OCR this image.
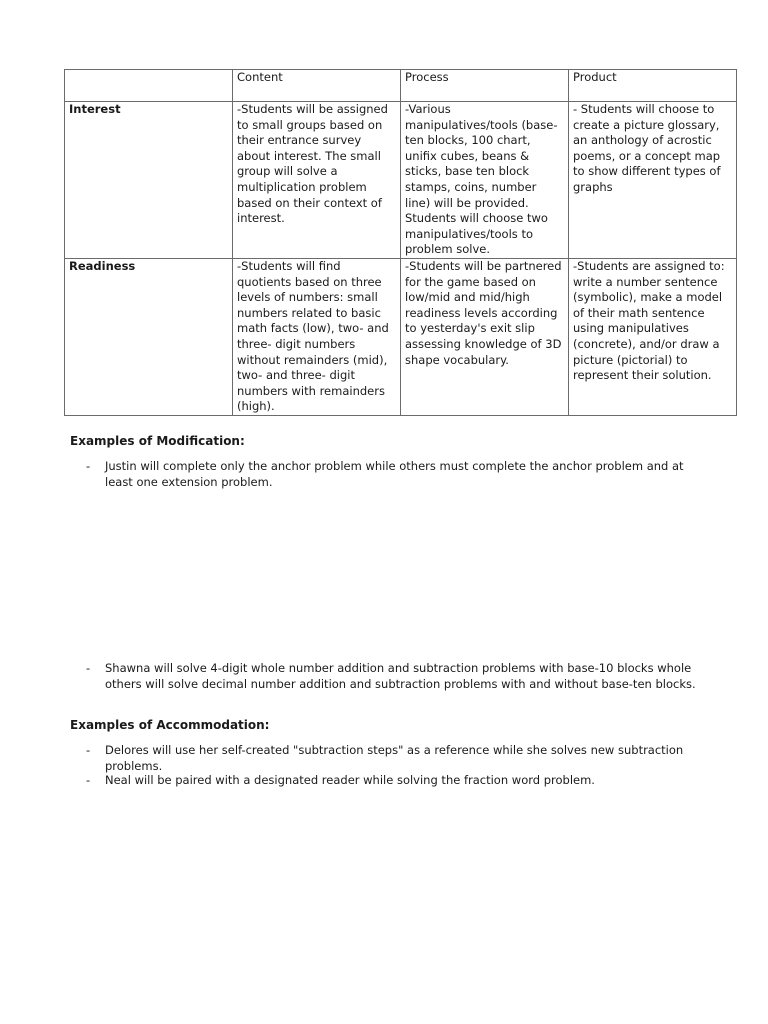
	Content	Process	Product
Interest	-Students will be assigned to small groups based on their entrance survey about interest. The small group will solve a multiplication problem based on their context of interest.	-Various manipulatives/tools (base-ten blocks, 100 chart, unifix cubes, beans & sticks, base ten block stamps, coins, number line) will be provided. Students will choose two manipulatives/tools to problem solve.	- Students will choose to create a picture glossary, an anthology of acrostic poems, or a concept map to show different types of graphs
Readiness	-Students will find quotients based on three levels of numbers: small numbers related to basic math facts (low), two- and three- digit numbers without remainders (mid), two- and three- digit numbers with remainders (high).	-Students will be partnered for the game based on low/mid and mid/high readiness levels according to yesterday's exit slip assessing knowledge of 3D shape vocabulary.	-Students are assigned to: write a number sentence (symbolic), make a model of their math sentence using manipulatives (concrete), and/or draw a picture (pictorial) to represent their solution.
Examples of Modification:
- Justin will complete only the anchor problem while others must complete the anchor problem and at least one extension problem.
- Shawna will solve 4-digit whole number addition and subtraction problems with base-10 blocks whole others will solve decimal number addition and subtraction problems with and without base-ten blocks.
Examples of Accommodation:
- Delores will use her self-created "subtraction steps" as a reference while she solves new subtraction problems.
- Neal will be paired with a designated reader while solving the fraction word problem.
